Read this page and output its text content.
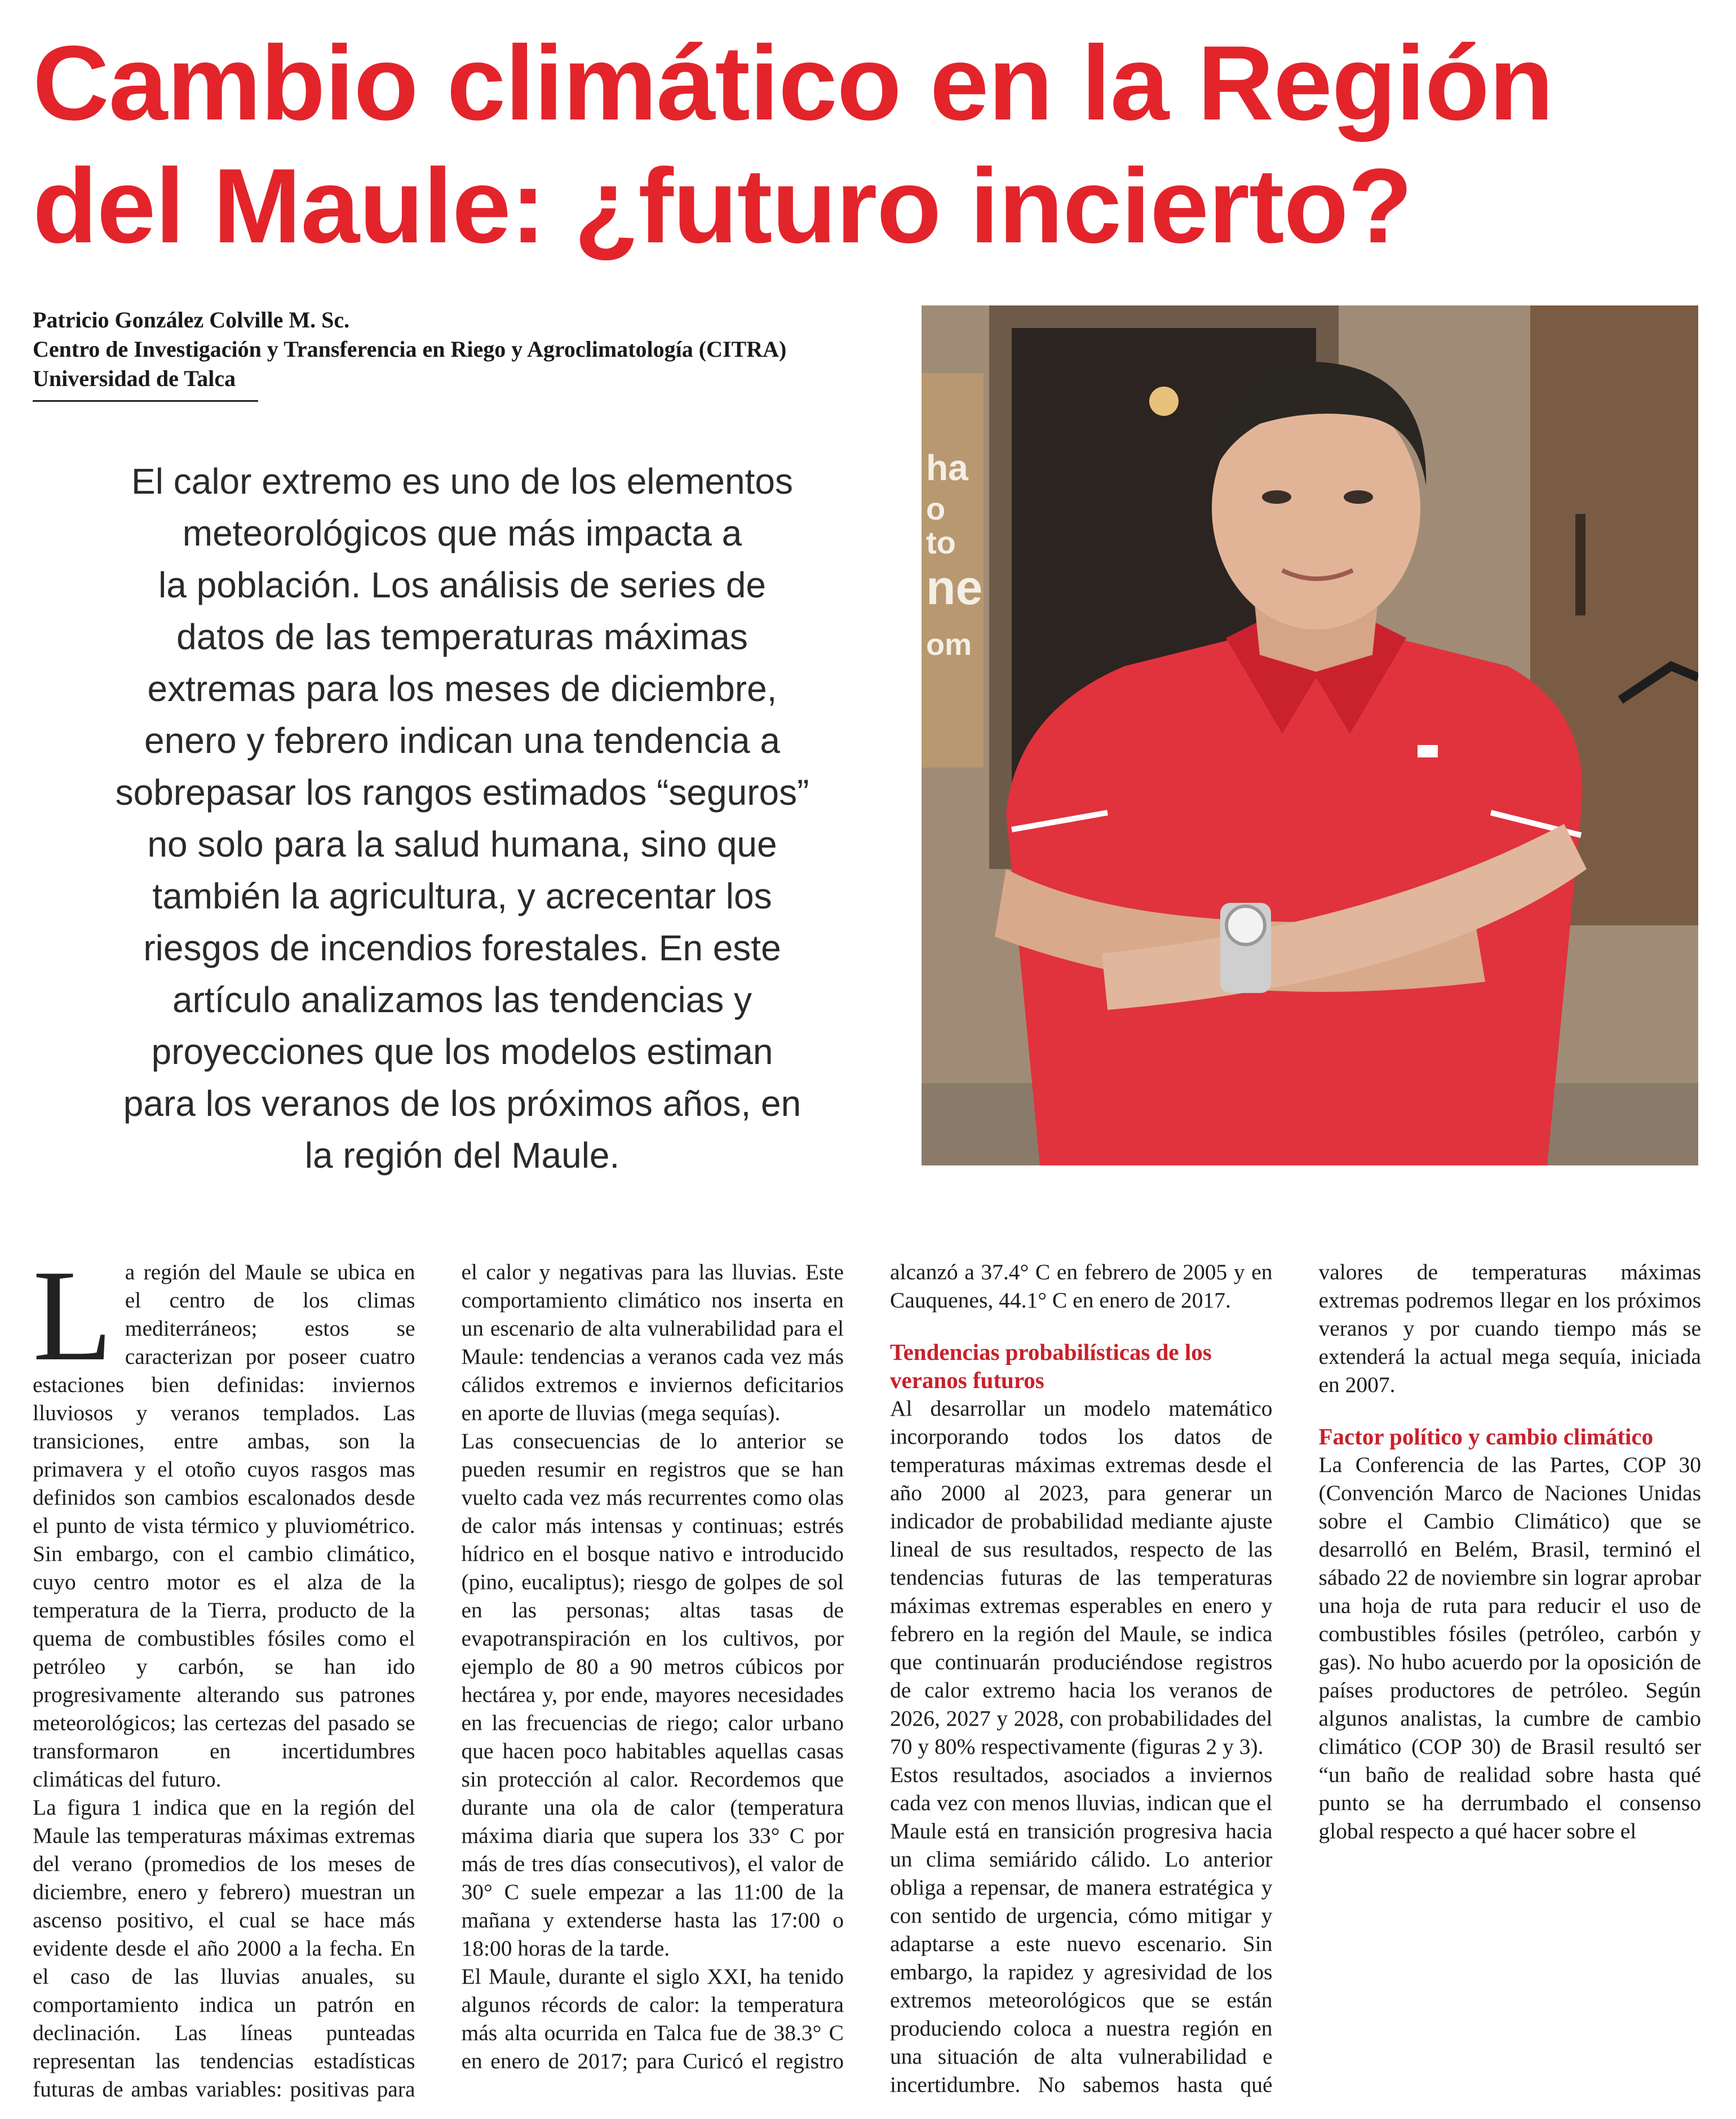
Cambio climático en la Región
del Maule: ¿futuro incierto?
Patricio González Colville M. Sc.
Centro de Investigación y Transferencia en Riego y Agroclimatología (CITRA)
Universidad de Talca
El calor extremo es uno de los elementos
meteorológicos que más impacta a
la población. Los análisis de series de
datos de las temperaturas máximas
extremas para los meses de diciembre,
enero y febrero indican una tendencia a
sobrepasar los rangos estimados “seguros”
no solo para la salud humana, sino que
también la agricultura, y acrecentar los
riesgos de incendios forestales. En este
artículo analizamos las tendencias y
proyecciones que los modelos estiman
para los veranos de los próximos años, en
la región del Maule.
ha
o
to
ne
om

La región del Maule se ubica en el centro de los climas mediterráneos; estos se caracterizan por poseer cuatro estaciones bien definidas: inviernos lluviosos y veranos templados. Las transiciones, entre ambas, son la primavera y el otoño cuyos rasgos mas definidos son cambios escalonados desde el punto de vista térmico y pluviométrico. Sin embargo, con el cambio climático, cuyo centro motor es el alza de la temperatura de la Tierra, producto de la quema de combustibles fósiles como el petróleo y carbón, se han ido progresivamente alterando sus patrones meteorológicos; las certezas del pasado se transformaron en incertidumbres climáticas del futuro.

La figura 1 indica que en la región del Maule las temperaturas máximas extremas del verano (promedios de los meses de diciembre, enero y febrero) muestran un ascenso positivo, el cual se hace más evidente desde el año 2000 a la fecha. En el caso de las lluvias anuales, su comportamiento indica un patrón en declinación. Las líneas punteadas representan las tendencias estadísticas futuras de ambas variables: positivas para el calor y negativas para las lluvias. Este comportamiento climático nos inserta en un escenario de alta vulnerabilidad para el Maule: tendencias a veranos cada vez más cálidos extremos e inviernos deficitarios en aporte de lluvias (mega sequías).

Las consecuencias de lo anterior se pueden resumir en registros que se han vuelto cada vez más recurrentes como olas de calor más intensas y continuas; estrés hídrico en el bosque nativo e introducido (pino, eucaliptus); riesgo de golpes de sol en las personas; altas tasas de evapotranspiración en los cultivos, por ejemplo de 80 a 90 metros cúbicos por hectárea y, por ende, mayores necesidades en las frecuencias de riego; calor urbano que hacen poco habitables aquellas casas sin protección al calor. Recordemos que durante una ola de calor (temperatura máxima diaria que supera los 33° C por más de tres días consecutivos), el valor de 30° C suele empezar a las 11:00 de la mañana y extenderse hasta las 17:00 o 18:00 horas de la tarde.

El Maule, durante el siglo XXI, ha tenido algunos récords de calor: la temperatura más alta ocurrida en Talca fue de 38.3° C en enero de 2017; para Curicó el registro alcanzó a 37.4° C en febrero de 2005 y en Cauquenes, 44.1° C en enero de 2017.

Tendencias probabilísticas de los veranos futuros

Al desarrollar un modelo matemático incorporando todos los datos de temperaturas máximas extremas desde el año 2000 al 2023, para generar un indicador de probabilidad mediante ajuste lineal de sus resultados, respecto de las tendencias futuras de las temperaturas máximas extremas esperables en enero y febrero en la región del Maule, se indica que continuarán produciéndose registros de calor extremo hacia los veranos de 2026, 2027 y 2028, con probabilidades del 70 y 80% respectivamente (figuras 2 y 3).

Estos resultados, asociados a inviernos cada vez con menos lluvias, indican que el Maule está en transición progresiva hacia un clima semiárido cálido. Lo anterior obliga a repensar, de manera estratégica y con sentido de urgencia, cómo mitigar y adaptarse a este nuevo escenario. Sin embargo, la rapidez y agresividad de los extremos meteorológicos que se están produciendo coloca a nuestra región en una situación de alta vulnerabilidad e incertidumbre. No sabemos hasta qué valores de temperaturas máximas extremas podremos llegar en los próximos veranos y por cuando tiempo más se extenderá la actual mega sequía, iniciada en 2007.

Factor político y cambio climático

La Conferencia de las Partes, COP 30 (Convención Marco de Naciones Unidas sobre el Cambio Climático) que se desarrolló en Belém, Brasil, terminó el sábado 22 de noviembre sin lograr aprobar una hoja de ruta para reducir el uso de combustibles fósiles (petróleo, carbón y gas). No hubo acuerdo por la oposición de países productores de petróleo. Según algunos analistas, la cumbre de cambio climático (COP 30) de Brasil resultó ser “un baño de realidad sobre hasta qué punto se ha derrumbado el consenso global respecto a qué hacer sobre el
